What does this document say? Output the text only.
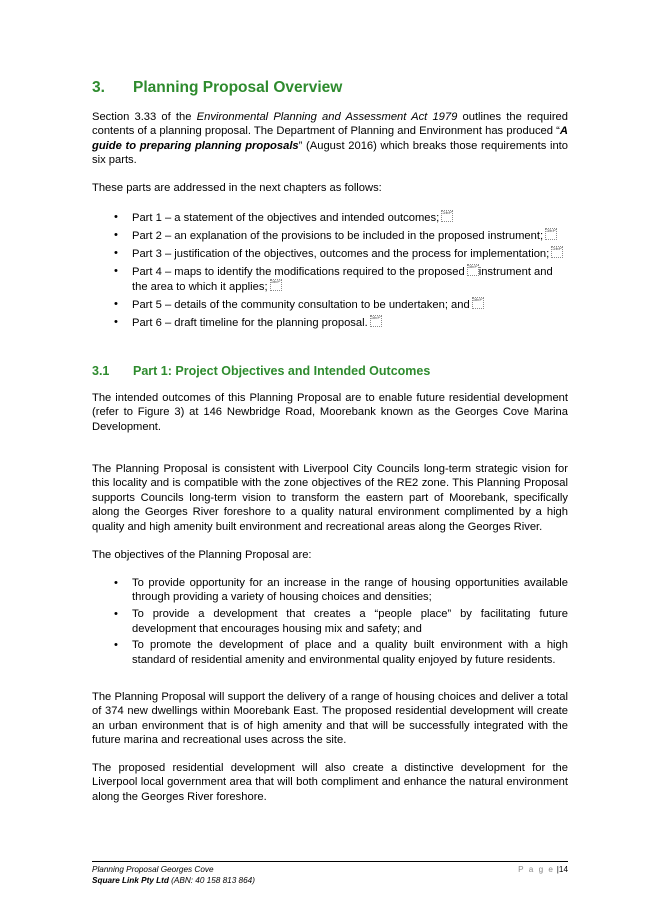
3. Planning Proposal Overview
Section 3.33 of the Environmental Planning and Assessment Act 1979 outlines the required contents of a planning proposal. The Department of Planning and Environment has produced “A guide to preparing planning proposals” (August 2016) which breaks those requirements into six parts.
These parts are addressed in the next chapters as follows:
• Part 1 – a statement of the objectives and intended outcomes; SEP
• Part 2 – an explanation of the provisions to be included in the proposed instrument; SEP
• Part 3 – justification of the objectives, outcomes and the process for implementation; SEP
• Part 4 – maps to identify the modifications required to the proposed SEPinstrument and the area to which it applies; SEP
• Part 5 – details of the community consultation to be undertaken; and SEP
• Part 6 – draft timeline for the planning proposal. SEP
3.1 Part 1: Project Objectives and Intended Outcomes
The intended outcomes of this Planning Proposal are to enable future residential development (refer to Figure 3) at 146 Newbridge Road, Moorebank known as the Georges Cove Marina Development.
The Planning Proposal is consistent with Liverpool City Councils long-term strategic vision for this locality and is compatible with the zone objectives of the RE2 zone. This Planning Proposal supports Councils long-term vision to transform the eastern part of Moorebank, specifically along the Georges River foreshore to a quality natural environment complimented by a high quality and high amenity built environment and recreational areas along the Georges River.
The objectives of the Planning Proposal are:
• To provide opportunity for an increase in the range of housing opportunities available through providing a variety of housing choices and densities;
• To provide a development that creates a “people place” by facilitating future development that encourages housing mix and safety; and
• To promote the development of place and a quality built environment with a high standard of residential amenity and environmental quality enjoyed by future residents.
The Planning Proposal will support the delivery of a range of housing choices and deliver a total of 374 new dwellings within Moorebank East. The proposed residential development will create an urban environment that is of high amenity and that will be successfully integrated with the future marina and recreational uses across the site.
The proposed residential development will also create a distinctive development for the Liverpool local government area that will both compliment and enhance the natural environment along the Georges River foreshore.
Planning Proposal Georges Cove
Square Link Pty Ltd (ABN: 40 158 813 864)
P a g e |14
